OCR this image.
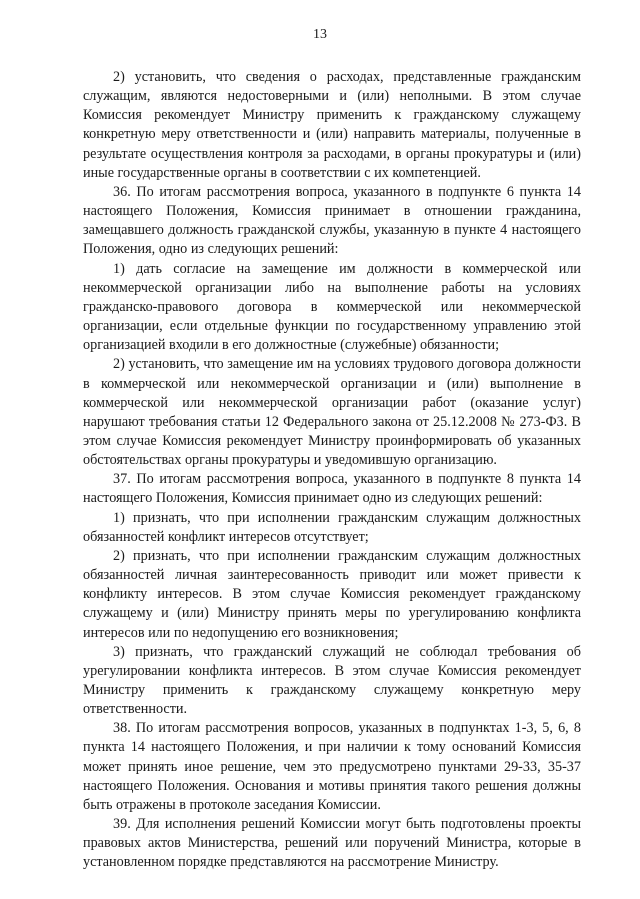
13

2) установить, что сведения о расходах, представленные гражданским служащим, являются недостоверными и (или) неполными. В этом случае Комиссия рекомендует Министру применить к гражданскому служащему конкретную меру ответственности и (или) направить материалы, полученные в результате осуществления контроля за расходами, в органы прокуратуры и (или) иные государственные органы в соответствии с их компетенцией.

36. По итогам рассмотрения вопроса, указанного в подпункте 6 пункта 14 настоящего Положения, Комиссия принимает в отношении гражданина, замещавшего должность гражданской службы, указанную в пункте 4 настоящего Положения, одно из следующих решений:

1) дать согласие на замещение им должности в коммерческой или некоммерческой организации либо на выполнение работы на условиях гражданско-правового договора в коммерческой или некоммерческой организации, если отдельные функции по государственному управлению этой организацией входили в его должностные (служебные) обязанности;

2) установить, что замещение им на условиях трудового договора должности в коммерческой или некоммерческой организации и (или) выполнение в коммерческой или некоммерческой организации работ (оказание услуг) нарушают требования статьи 12 Федерального закона от 25.12.2008 № 273-ФЗ. В этом случае Комиссия рекомендует Министру проинформировать об указанных обстоятельствах органы прокуратуры и уведомившую организацию.

37. По итогам рассмотрения вопроса, указанного в подпункте 8 пункта 14 настоящего Положения, Комиссия принимает одно из следующих решений:

1) признать, что при исполнении гражданским служащим должностных обязанностей конфликт интересов отсутствует;

2) признать, что при исполнении гражданским служащим должностных обязанностей личная заинтересованность приводит или может привести к конфликту интересов. В этом случае Комиссия рекомендует гражданскому служащему и (или) Министру принять меры по урегулированию конфликта интересов или по недопущению его возникновения;

3) признать, что гражданский служащий не соблюдал требования об урегулировании конфликта интересов. В этом случае Комиссия рекомендует Министру применить к гражданскому служащему конкретную меру ответственности.

38. По итогам рассмотрения вопросов, указанных в подпунктах 1-3, 5, 6, 8 пункта 14 настоящего Положения, и при наличии к тому оснований Комиссия может принять иное решение, чем это предусмотрено пунктами 29-33, 35-37 настоящего Положения. Основания и мотивы принятия такого решения должны быть отражены в протоколе заседания Комиссии.

39. Для исполнения решений Комиссии могут быть подготовлены проекты правовых актов Министерства, решений или поручений Министра, которые в установленном порядке представляются на рассмотрение Министру.
